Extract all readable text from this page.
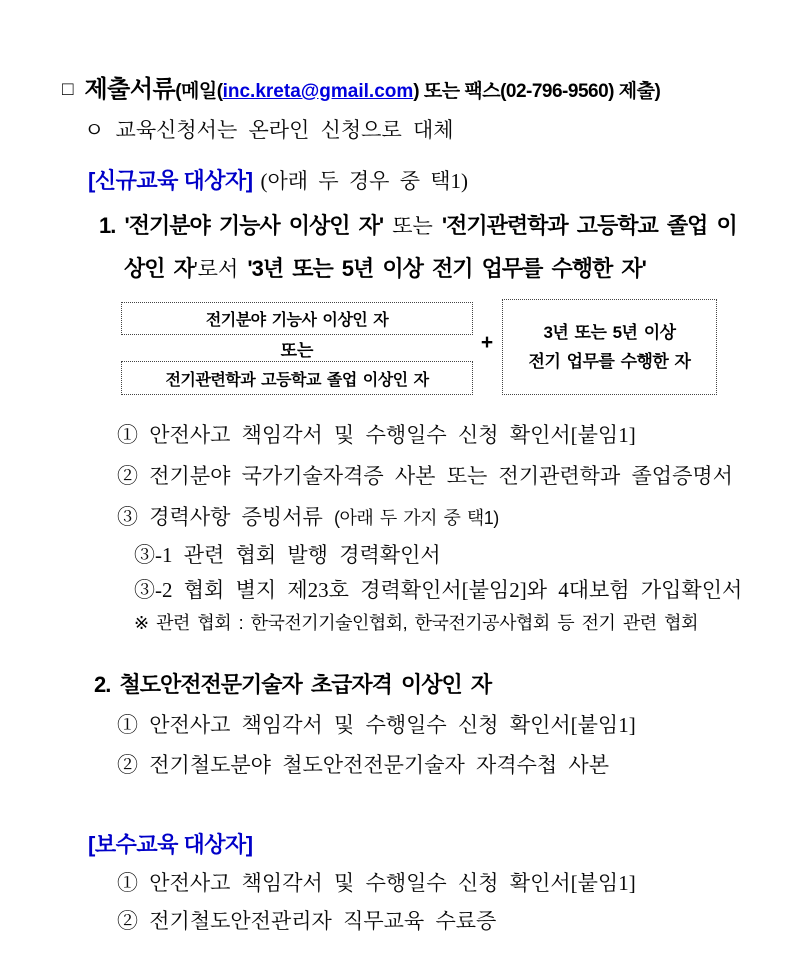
□ 제출서류(메일(inc.kreta@gmail.com) 또는 팩스(02-796-9560) 제출)
ㅇ 교육신청서는 온라인 신청으로 대체
[신규교육 대상자] (아래 두 경우 중 택1)
1. '전기분야 기능사 이상인 자' 또는 '전기관련학과 고등학교 졸업 이
상인 자'로서 '3년 또는 5년 이상 전기 업무를 수행한 자'
전기분야 기능사 이상인 자
또는
전기관련학과 고등학교 졸업 이상인 자
+	3년 또는 5년 이상
전기 업무를 수행한 자
① 안전사고 책임각서 및 수행일수 신청 확인서[붙임1]
② 전기분야 국가기술자격증 사본 또는 전기관련학과 졸업증명서
③ 경력사항 증빙서류 (아래 두 가지 중 택1)
③-1 관련 협회 발행 경력확인서
③-2 협회 별지 제23호 경력확인서[붙임2]와 4대보험 가입확인서
※ 관련 협회 : 한국전기기술인협회, 한국전기공사협회 등 전기 관련 협회
2. 철도안전전문기술자 초급자격 이상인 자
① 안전사고 책임각서 및 수행일수 신청 확인서[붙임1]
② 전기철도분야 철도안전전문기술자 자격수첩 사본
[보수교육 대상자]
① 안전사고 책임각서 및 수행일수 신청 확인서[붙임1]
② 전기철도안전관리자 직무교육 수료증
